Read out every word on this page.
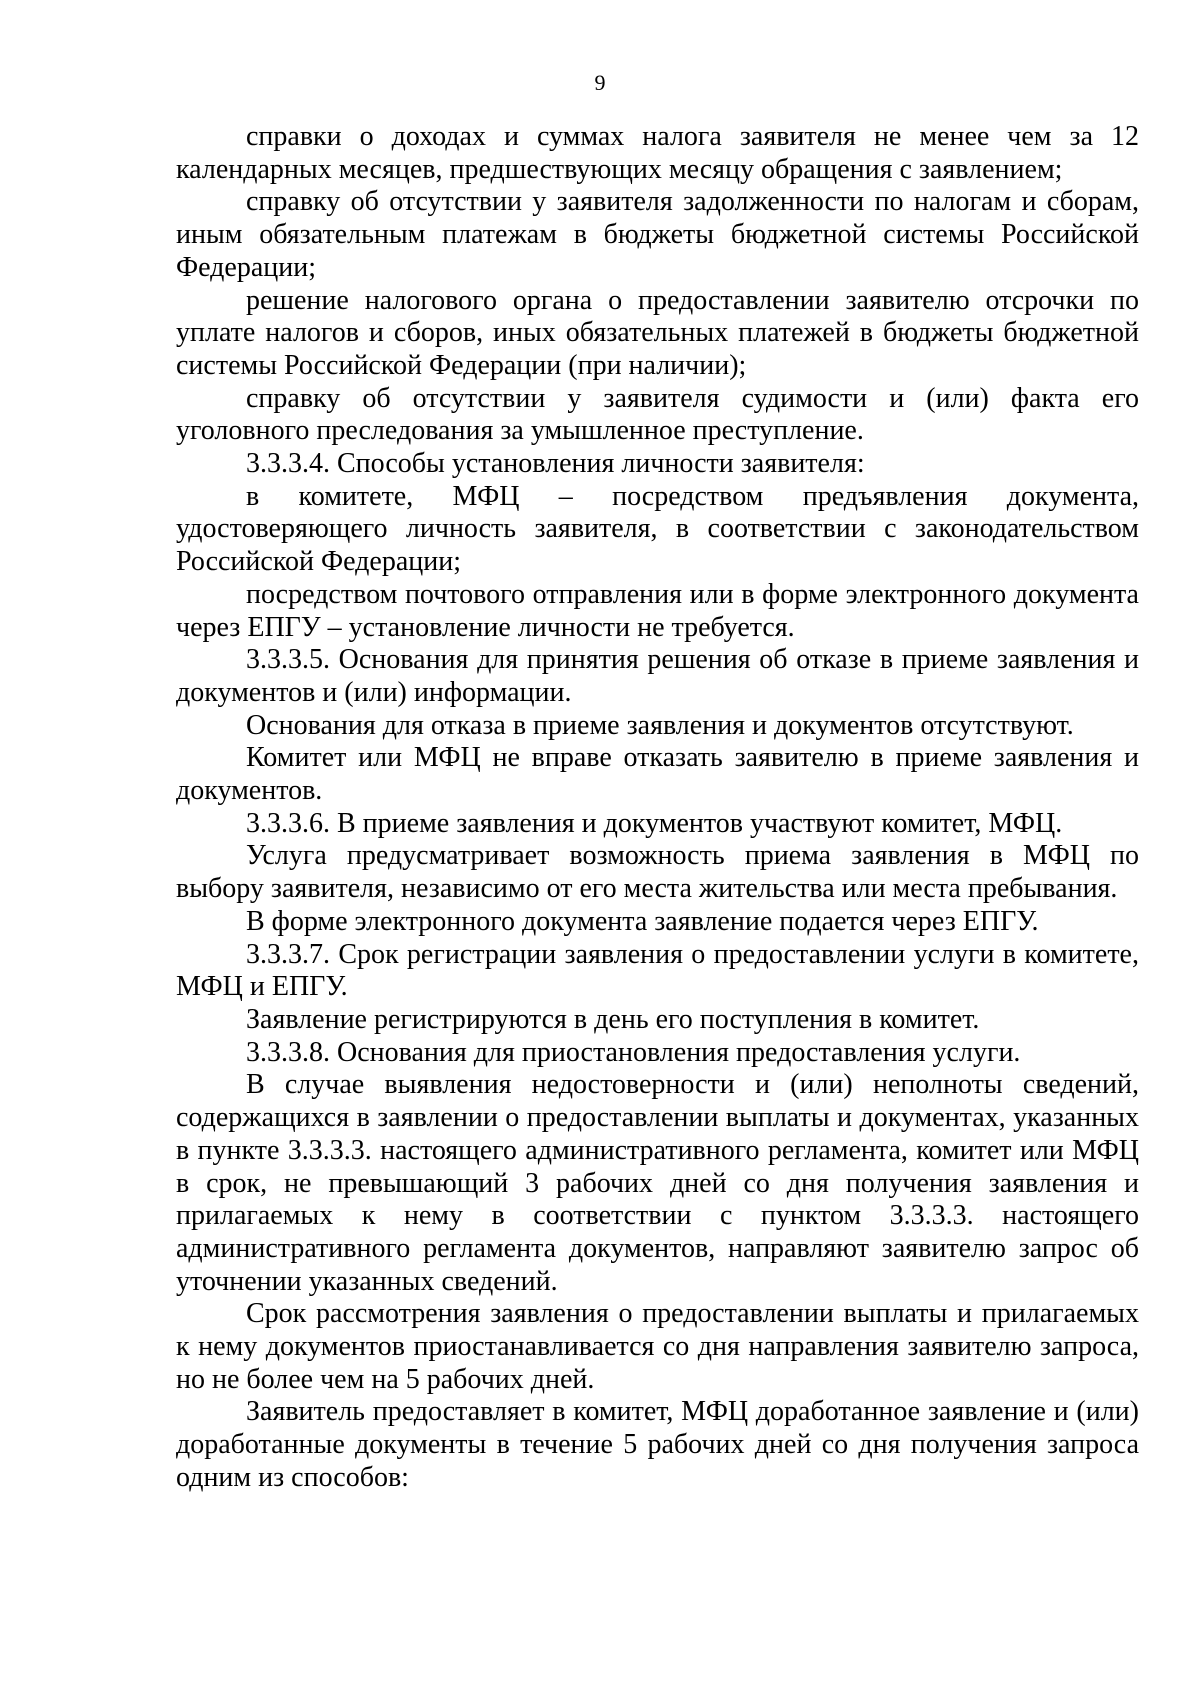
9

справки о доходах и суммах налога заявителя не менее чем за 12 календарных месяцев, предшествующих месяцу обращения с заявлением;

справку об отсутствии у заявителя задолженности по налогам и сборам, иным обязательным платежам в бюджеты бюджетной системы Российской Федерации;

решение налогового органа о предоставлении заявителю отсрочки по уплате налогов и сборов, иных обязательных платежей в бюджеты бюджетной системы Российской Федерации (при наличии);

справку об отсутствии у заявителя судимости и (или) факта его уголовного преследования за умышленное преступление.

3.3.3.4. Способы установления личности заявителя:

в комитете, МФЦ – посредством предъявления документа, удостоверяющего личность заявителя, в соответствии с законодательством Российской Федерации;

посредством почтового отправления или в форме электронного документа через ЕПГУ – установление личности не требуется.

3.3.3.5. Основания для принятия решения об отказе в приеме заявления и документов и (или) информации.

Основания для отказа в приеме заявления и документов отсутствуют.

Комитет или МФЦ не вправе отказать заявителю в приеме заявления и документов.

3.3.3.6. В приеме заявления и документов участвуют комитет, МФЦ.

Услуга предусматривает возможность приема заявления в МФЦ по выбору заявителя, независимо от его места жительства или места пребывания.

В форме электронного документа заявление подается через ЕПГУ.

3.3.3.7. Срок регистрации заявления о предоставлении услуги в комитете, МФЦ и ЕПГУ.

Заявление регистрируются в день его поступления в комитет.

3.3.3.8. Основания для приостановления предоставления услуги.

В случае выявления недостоверности и (или) неполноты сведений, содержащихся в заявлении о предоставлении выплаты и документах, указанных в пункте 3.3.3.3. настоящего административного регламента, комитет или МФЦ в срок, не превышающий 3 рабочих дней со дня получения заявления и прилагаемых к нему в соответствии с пунктом 3.3.3.3. настоящего административного регламента документов, направляют заявителю запрос об уточнении указанных сведений.

Срок рассмотрения заявления о предоставлении выплаты и прилагаемых к нему документов приостанавливается со дня направления заявителю запроса, но не более чем на 5 рабочих дней.

Заявитель предоставляет в комитет, МФЦ доработанное заявление и (или) доработанные документы в течение 5 рабочих дней со дня получения запроса одним из способов:
